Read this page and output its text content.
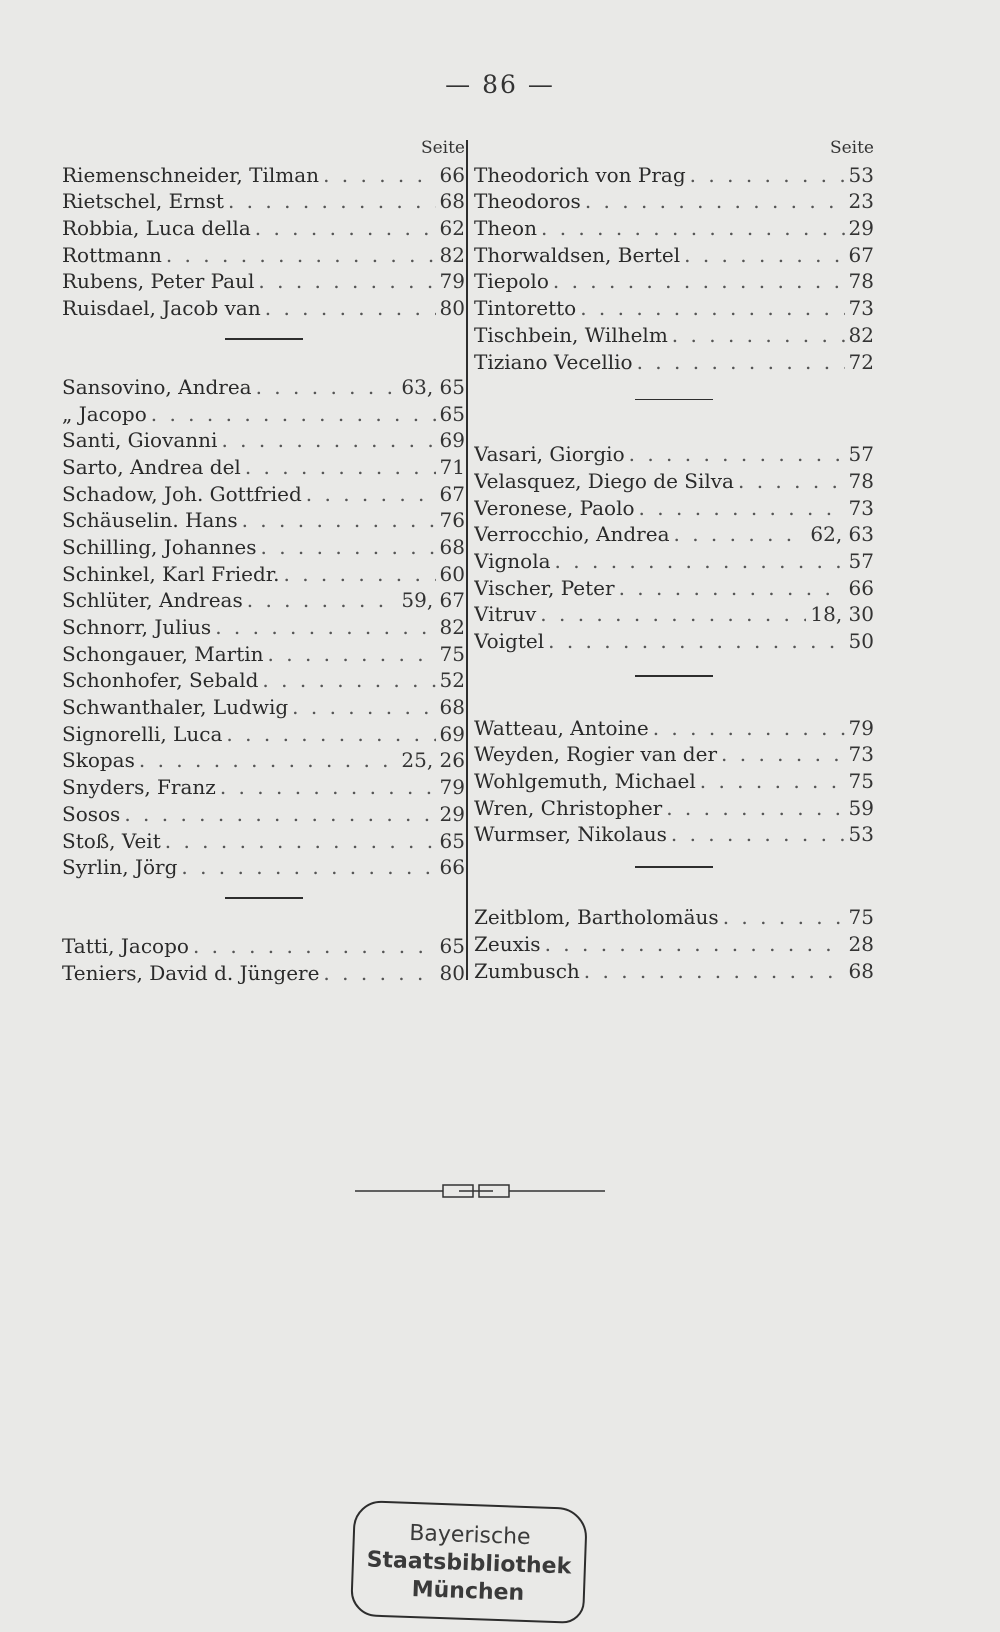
— 86 —
Seite
Riemenschneider, Tilman . . .	66
Rietschel, Ernst . . .	68
Robbia, Luca della . . .	62
Rottmann . . .	82
Rubens, Peter Paul . . .	79
Ruisdael, Jacob van . . .	80
Sansovino, Andrea . . .	63, 65
„ Jacopo . . .	65
Santi, Giovanni . . .	69
Sarto, Andrea del . . .	71
Schadow, Joh. Gottfried . . .	67
Schäuselin. Hans . . .	76
Schilling, Johannes . . .	68
Schinkel, Karl Friedr. . . .	60
Schlüter, Andreas . . .	59, 67
Schnorr, Julius . . .	82
Schongauer, Martin . . .	75
Schonhofer, Sebald . . .	52
Schwanthaler, Ludwig . . .	68
Signorelli, Luca . . .	69
Skopas . . .	25, 26
Snyders, Franz . . .	79
Sosos . . .	29
Stoß, Veit . . .	65
Syrlin, Jörg . . .	66
Tatti, Jacopo . . .	65
Teniers, David d. Jüngere . . .	80
Seite
Theodorich von Prag . . .	53
Theodoros . . .	23
Theon . . .	29
Thorwaldsen, Bertel . . .	67
Tiepolo . . .	78
Tintoretto . . .	73
Tischbein, Wilhelm . . .	82
Tiziano Vecellio . . .	72
Vasari, Giorgio . . .	57
Velasquez, Diego de Silva . . .	78
Veronese, Paolo . . .	73
Verrocchio, Andrea . . .	62, 63
Vignola . . .	57
Vischer, Peter . . .	66
Vitruv . . .	18, 30
Voigtel . . .	50
Watteau, Antoine . . .	79
Weyden, Rogier van der . . .	73
Wohlgemuth, Michael . . .	75
Wren, Christopher . . .	59
Wurmser, Nikolaus . . .	53
Zeitblom, Bartholomäus . . .	75
Zeuxis . . .	28
Zumbusch . . .	68
Bayerische
Staatsbibliothek
München
